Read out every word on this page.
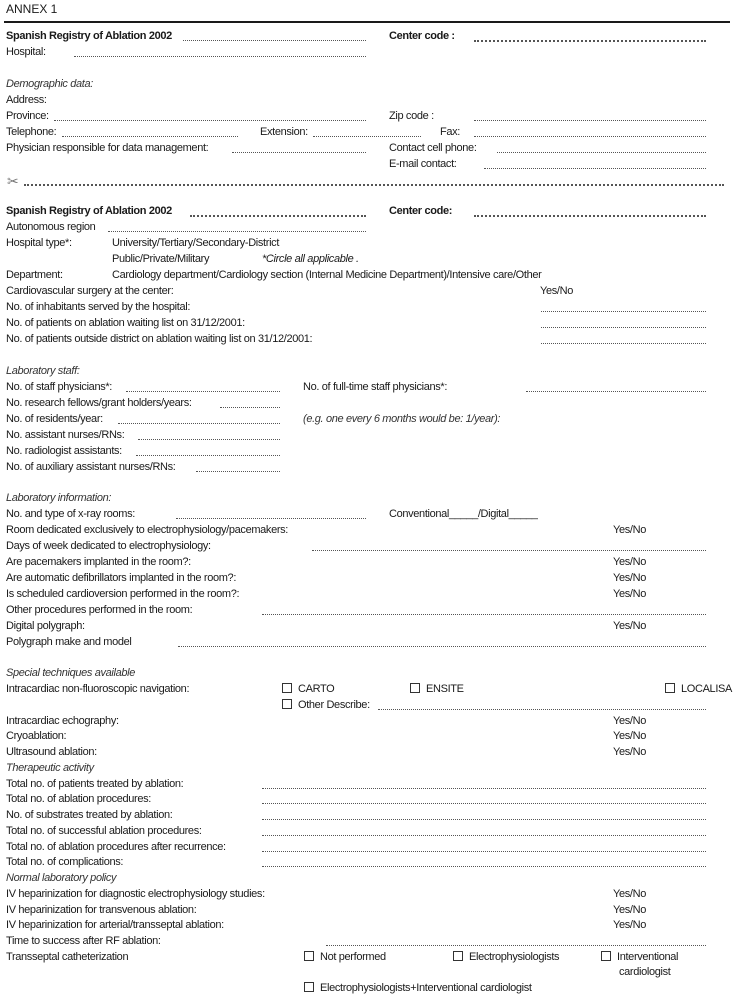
ANNEX 1
Spanish Registry of Ablation 2002	Center code :
Hospital:
Demographic data:
Address:
Province:	Zip code :
Telephone:	Extension:	Fax:
Physician responsible for data management:	Contact cell phone:
E-mail contact:
✂
Spanish Registry of Ablation 2002	Center code:
Autonomous region
Hospital type*:	University/Tertiary/Secondary-District
Public/Private/Military	*Circle all applicable .
Department:	Cardiology department/Cardiology section (Internal Medicine Department)/Intensive care/Other
Cardiovascular surgery at the center:	Yes/No
No. of inhabitants served by the hospital:
No. of patients on ablation waiting list on 31/12/2001:
No. of patients outside district on ablation waiting list on 31/12/2001:
Laboratory staff:
No. of staff physicians*:	No. of full-time staff physicians*:
No. research fellows/grant holders/years:
No. of residents/year:	(e.g. one every 6 months would be: 1/year):
No. assistant nurses/RNs:
No. radiologist assistants:
No. of auxiliary assistant nurses/RNs:
Laboratory information:
No. and type of x-ray rooms:	Conventional_____/Digital_____
Room dedicated exclusively to electrophysiology/pacemakers:	Yes/No
Days of week dedicated to electrophysiology:
Are pacemakers implanted in the room?:	Yes/No
Are automatic defibrillators implanted in the room?:	Yes/No
Is scheduled cardioversion performed in the room?:	Yes/No
Other procedures performed in the room:
Digital polygraph:	Yes/No
Polygraph make and model
Special techniques available
Intracardiac non-fluoroscopic navigation:	CARTO	ENSITE	LOCALISA
Other Describe:
Intracardiac echography:	Yes/No
Cryoablation:	Yes/No
Ultrasound ablation:	Yes/No
Therapeutic activity
Total no. of patients treated by ablation:
Total no. of ablation procedures:
No. of substrates treated by ablation:
Total no. of successful ablation procedures:
Total no. of ablation procedures after recurrence:
Total no. of complications:
Normal laboratory policy
IV heparinization for diagnostic electrophysiology studies:	Yes/No
IV heparinization for transvenous ablation:	Yes/No
IV heparinization for arterial/transseptal ablation:	Yes/No
Time to success after RF ablation:
Transseptal catheterization	Not performed	Electrophysiologists	Interventional
cardiologist
Electrophysiologists+Interventional cardiologist
